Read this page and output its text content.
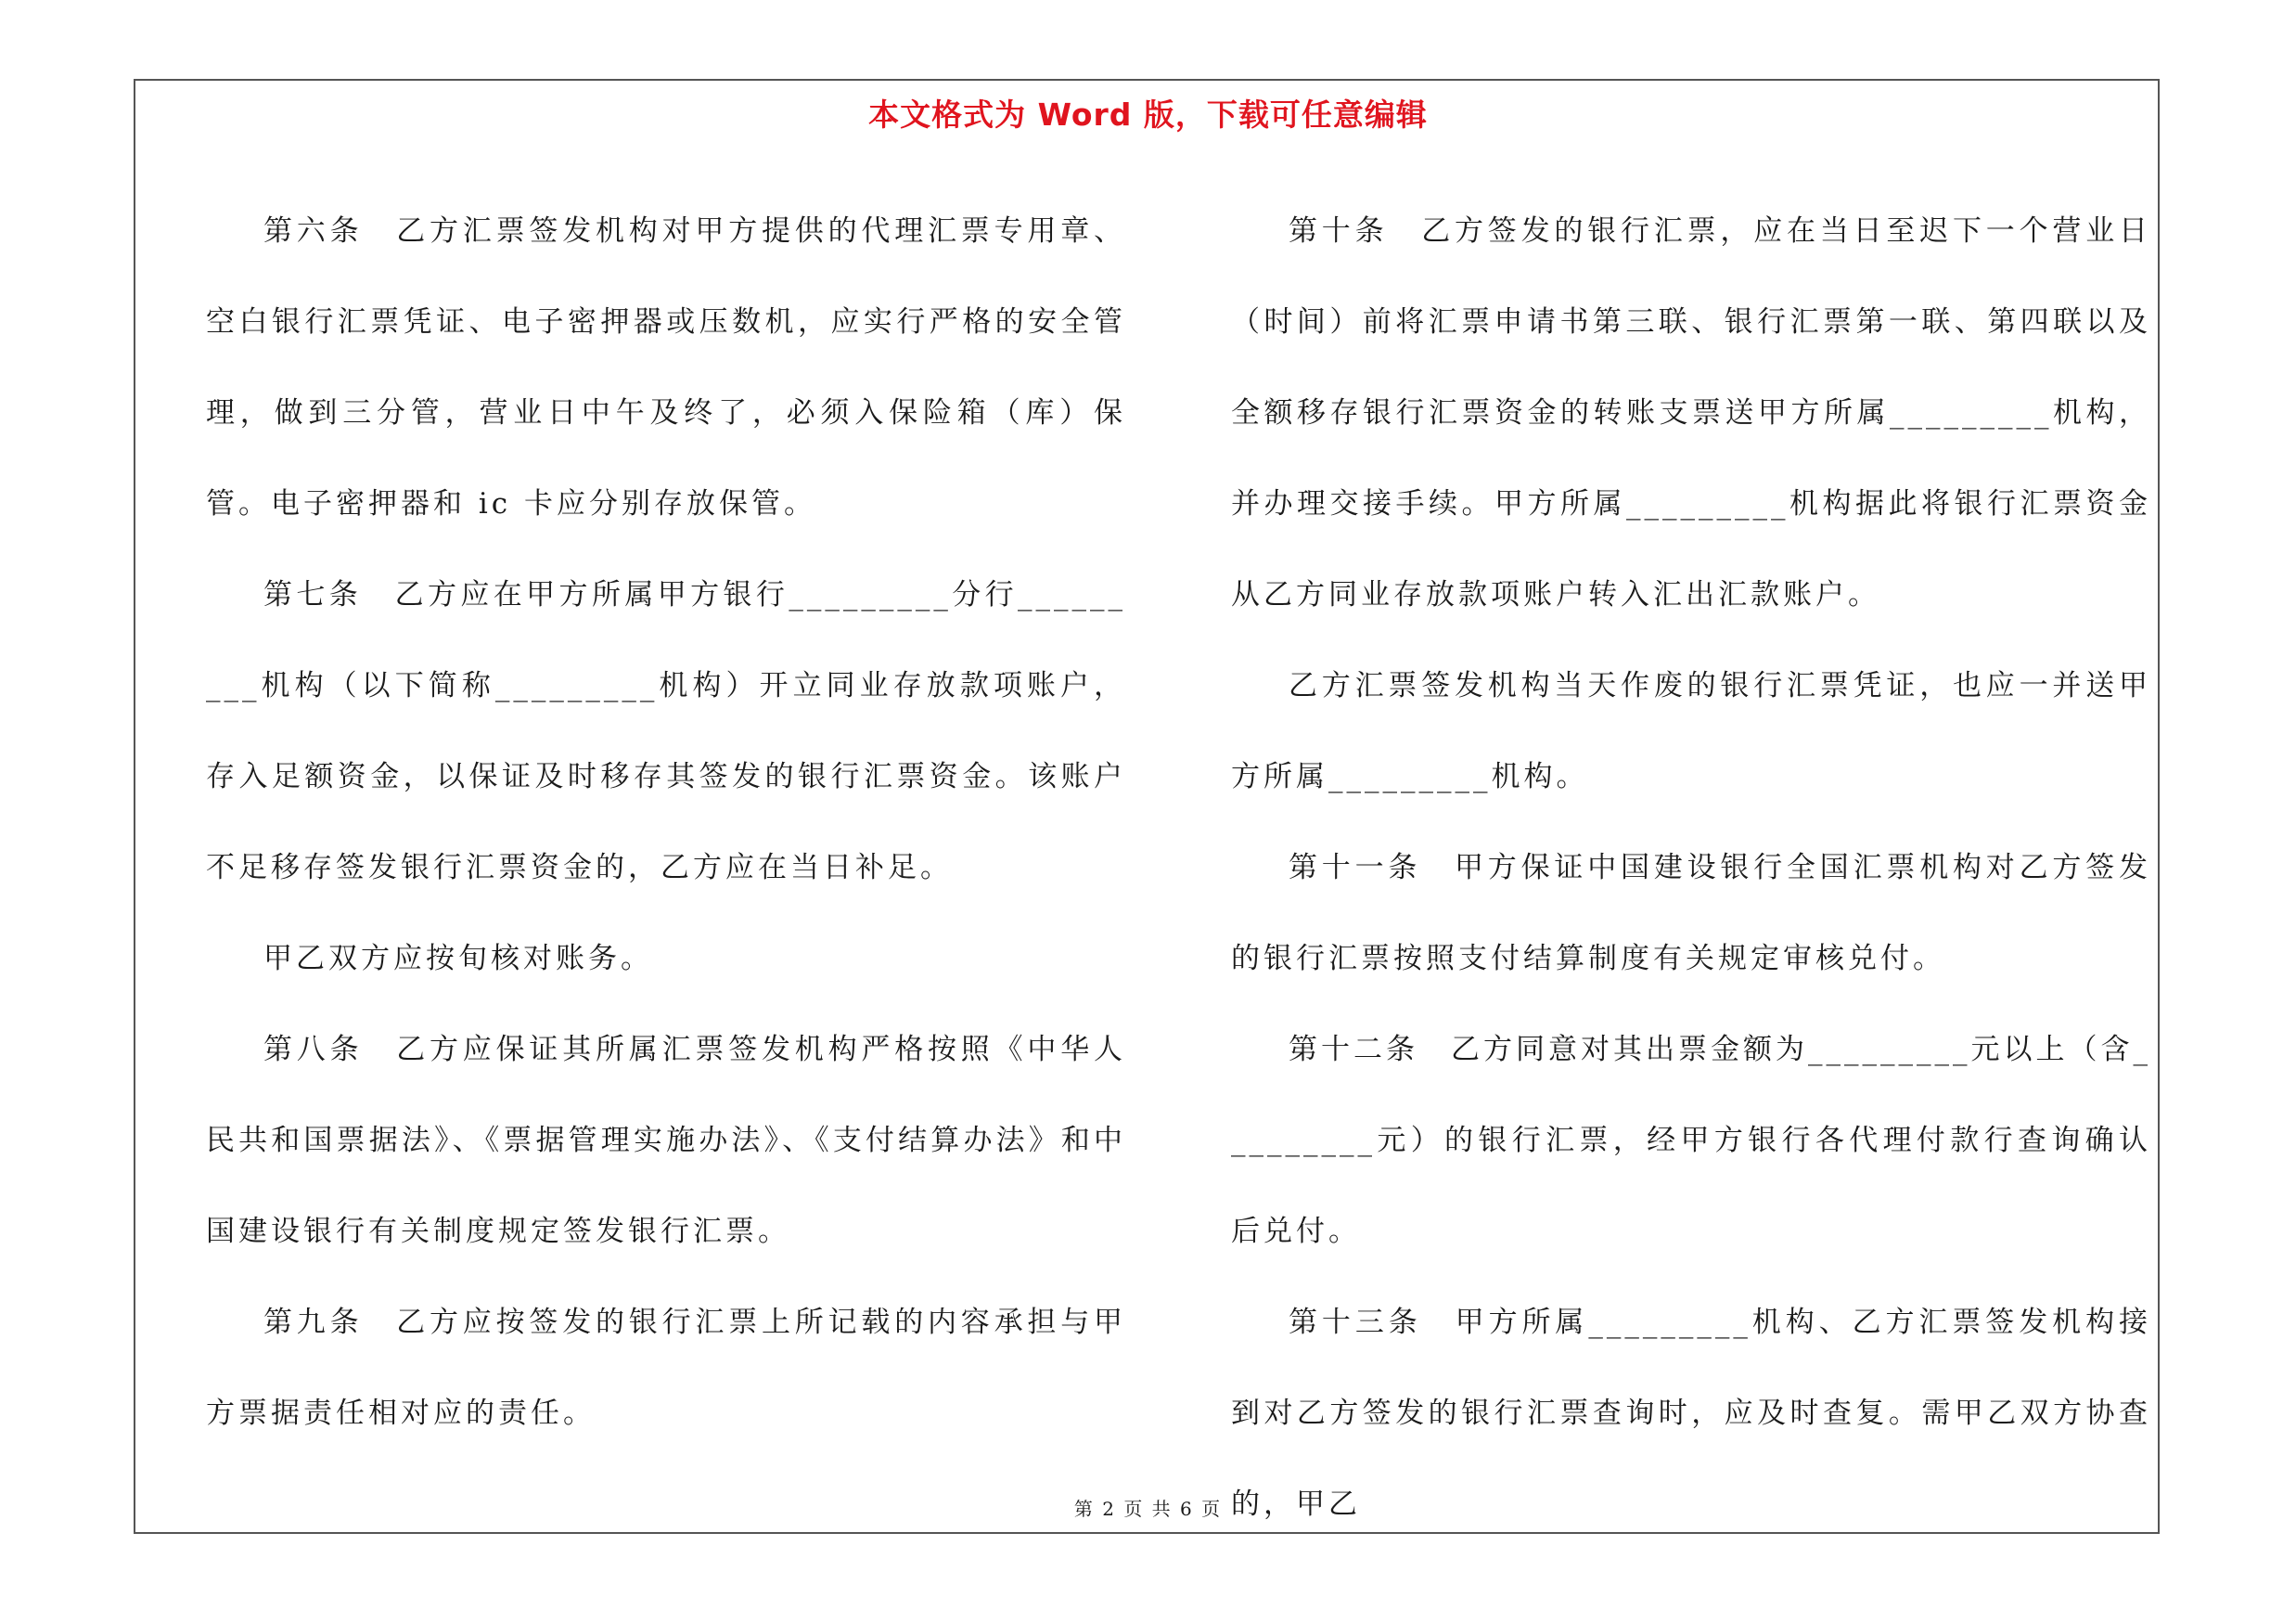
本文格式为 Word 版，下载可任意编辑

第六条　乙方汇票签发机构对甲方提供的代理汇票专用章、空白银行汇票凭证、电子密押器或压数机，应实行严格的安全管理，做到三分管，营业日中午及终了，必须入保险箱（库）保管。电子密押器和 ic 卡应分别存放保管。

第七条　乙方应在甲方所属甲方银行_________分行_________机构（以下简称_________机构）开立同业存放款项账户，存入足额资金，以保证及时移存其签发的银行汇票资金。该账户不足移存签发银行汇票资金的，乙方应在当日补足。

甲乙双方应按旬核对账务。

第八条　乙方应保证其所属汇票签发机构严格按照《中华人民共和国票据法》、《票据管理实施办法》、《支付结算办法》和中国建设银行有关制度规定签发银行汇票。

第九条　乙方应按签发的银行汇票上所记载的内容承担与甲方票据责任相对应的责任。

第十条　乙方签发的银行汇票，应在当日至迟下一个营业日（时间）前将汇票申请书第三联、银行汇票第一联、第四联以及全额移存银行汇票资金的转账支票送甲方所属_________机构，并办理交接手续。甲方所属_________机构据此将银行汇票资金从乙方同业存放款项账户转入汇出汇款账户。

乙方汇票签发机构当天作废的银行汇票凭证，也应一并送甲方所属_________机构。

第十一条　甲方保证中国建设银行全国汇票机构对乙方签发的银行汇票按照支付结算制度有关规定审核兑付。

第十二条　乙方同意对其出票金额为_________元以上（含_________元）的银行汇票，经甲方银行各代理付款行查询确认后兑付。

第十三条　甲方所属_________机构、乙方汇票签发机构接到对乙方签发的银行汇票查询时，应及时查复。需甲乙双方协查的，甲乙

第 2 页 共 6 页
